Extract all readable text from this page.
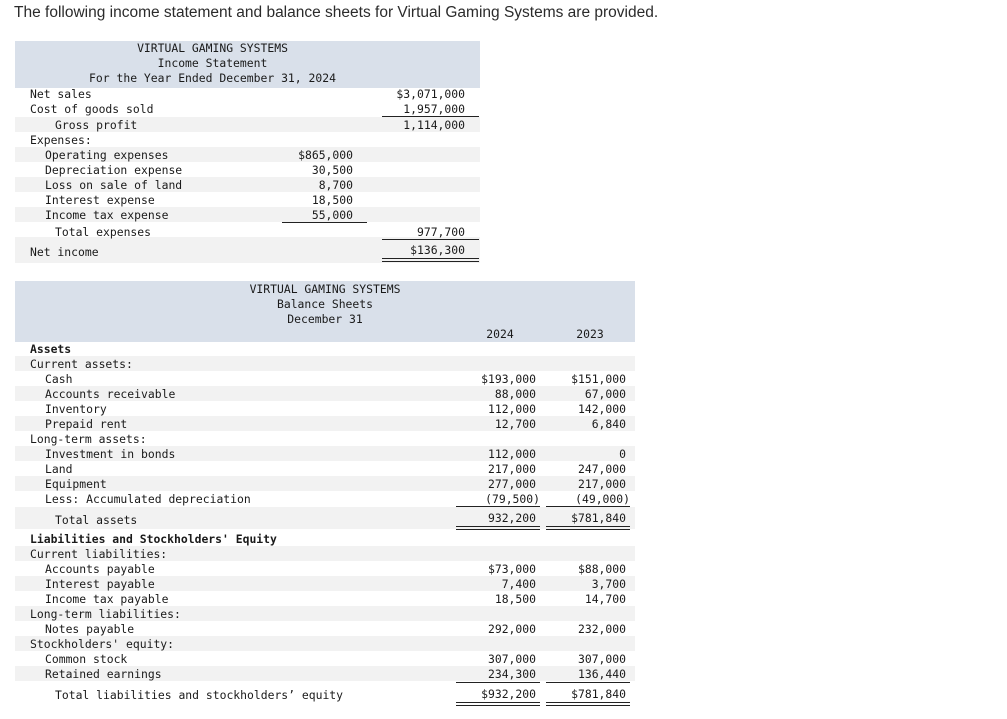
The following income statement and balance sheets for Virtual Gaming Systems are provided.
VIRTUAL GAMING SYSTEMS
Income Statement
For the Year Ended December 31, 2024
Net sales	$3,071,000
Cost of goods sold	1,957,000
Gross profit	1,114,000
Expenses:
Operating expenses	$865,000
Depreciation expense	30,500
Loss on sale of land	8,700
Interest expense	18,500
Income tax expense	55,000
Total expenses	977,700
Net income	$136,300
VIRTUAL GAMING SYSTEMS
Balance Sheets
December 31
2024	2023
Assets
Current assets:
Cash	$193,000	$151,000
Accounts receivable	88,000	67,000
Inventory	112,000	142,000
Prepaid rent	12,700	6,840
Long-term assets:
Investment in bonds	112,000	0
Land	217,000	247,000
Equipment	277,000	217,000
Less: Accumulated depreciation	(79,500)	(49,000)
Total assets	932,200	$781,840
Liabilities and Stockholders' Equity
Current liabilities:
Accounts payable	$73,000	$88,000
Interest payable	7,400	3,700
Income tax payable	18,500	14,700
Long-term liabilities:
Notes payable	292,000	232,000
Stockholders' equity:
Common stock	307,000	307,000
Retained earnings	234,300	136,440
Total liabilities and stockholders’ equity	$932,200	$781,840
